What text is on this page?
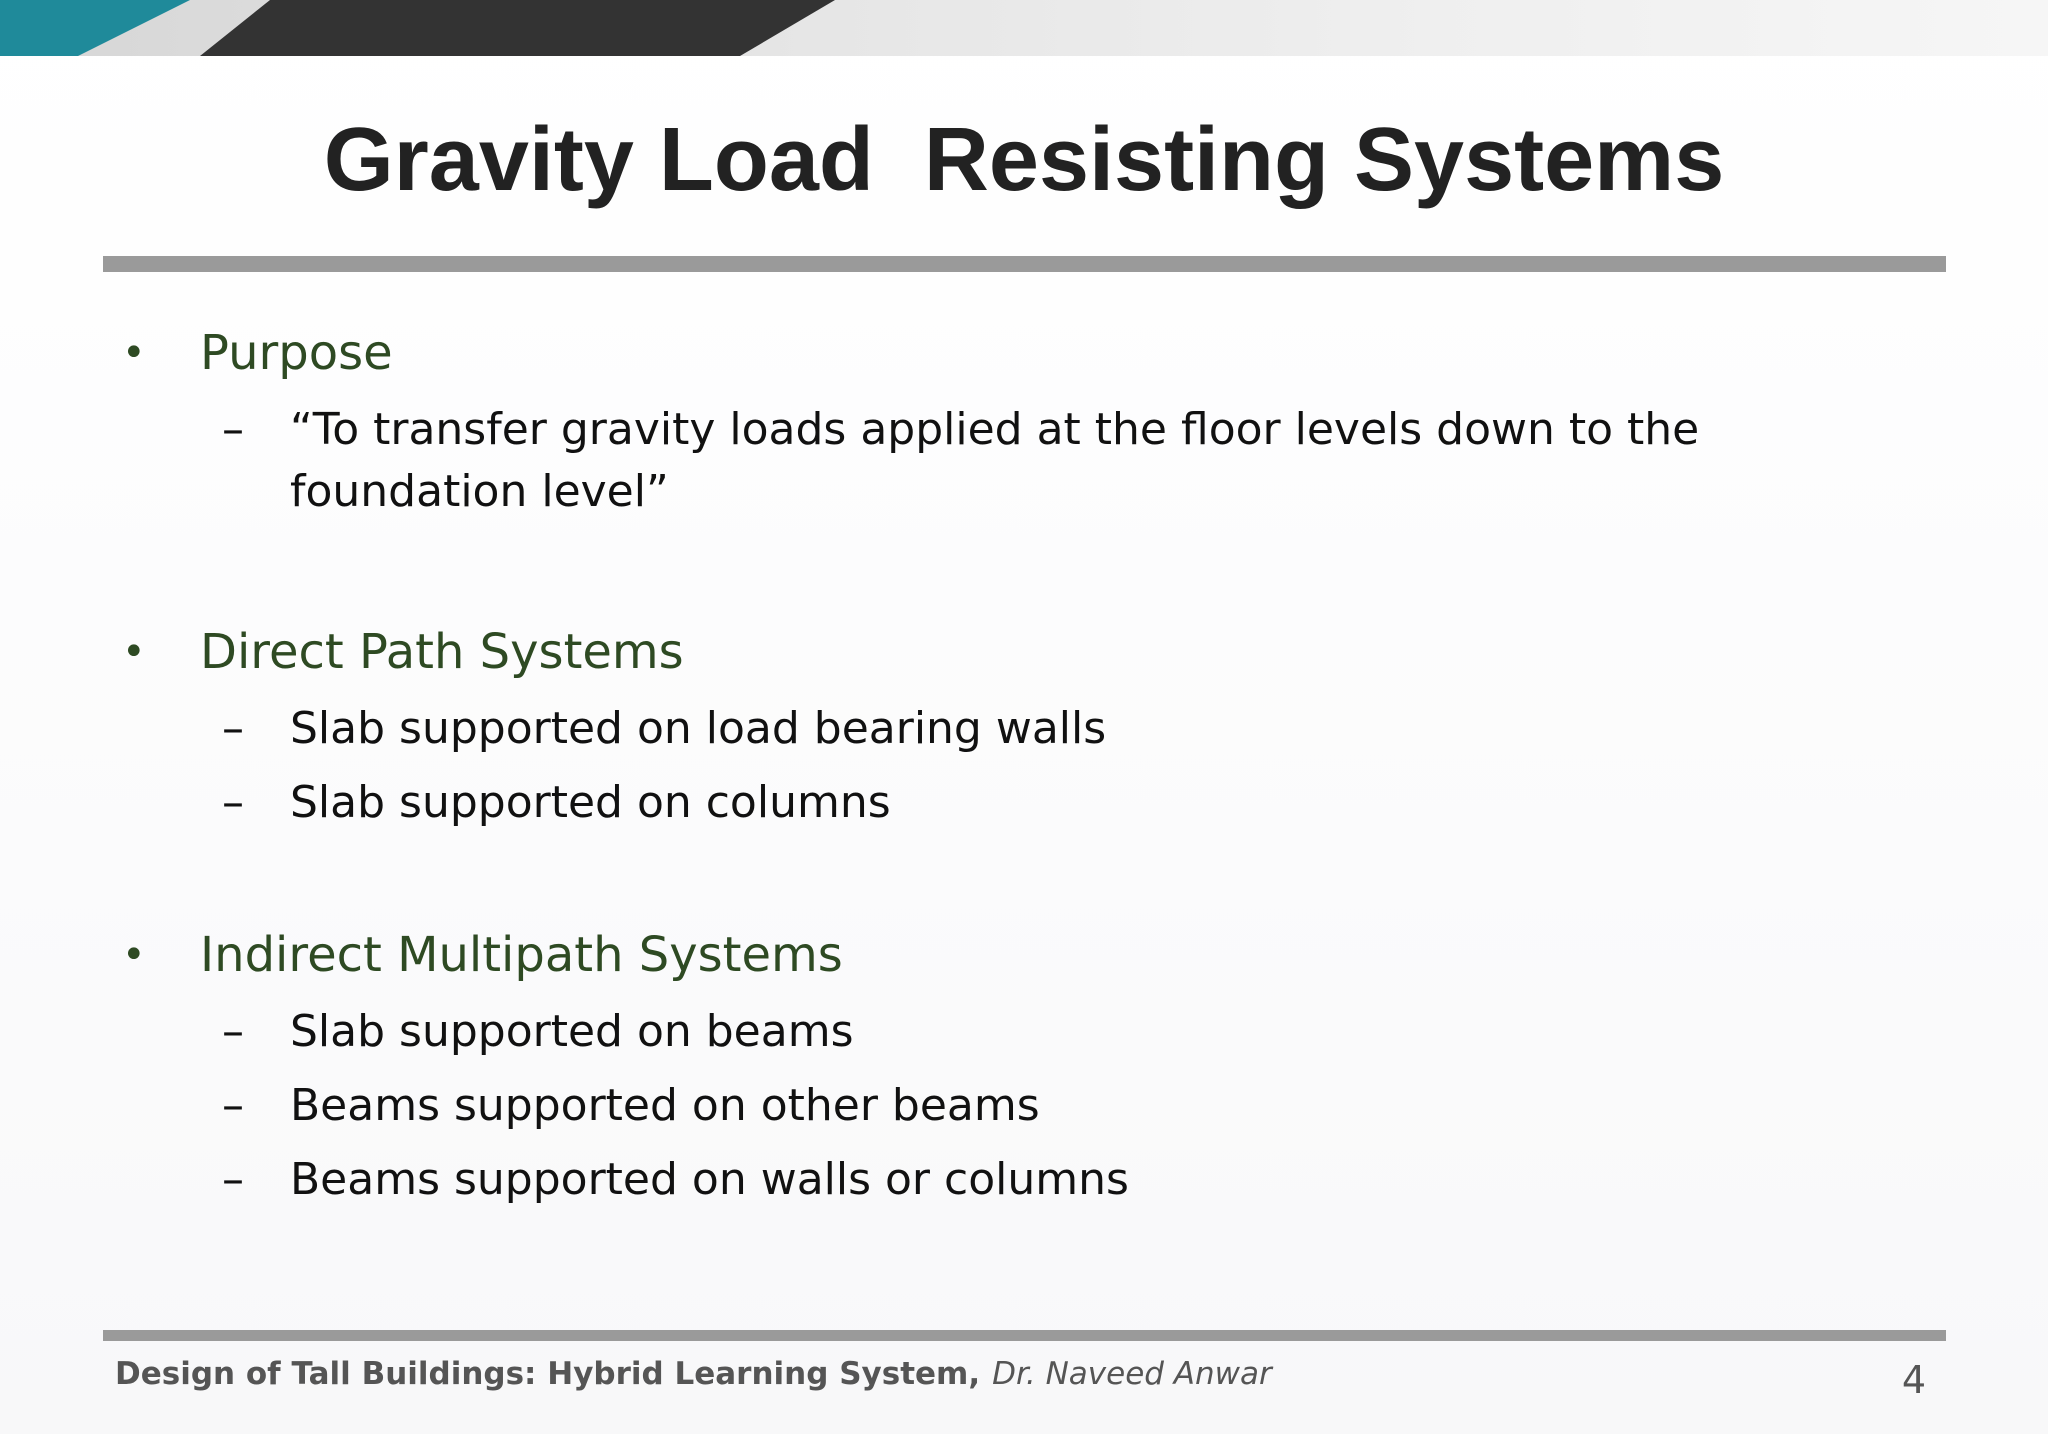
Gravity Load  Resisting Systems
• Purpose
– “To transfer gravity loads applied at the floor levels down to the foundation level”
• Direct Path Systems
– Slab supported on load bearing walls
– Slab supported on columns
• Indirect Multipath Systems
– Slab supported on beams
– Beams supported on other beams
– Beams supported on walls or columns
Design of Tall Buildings: Hybrid Learning System, Dr. Naveed Anwar	4
